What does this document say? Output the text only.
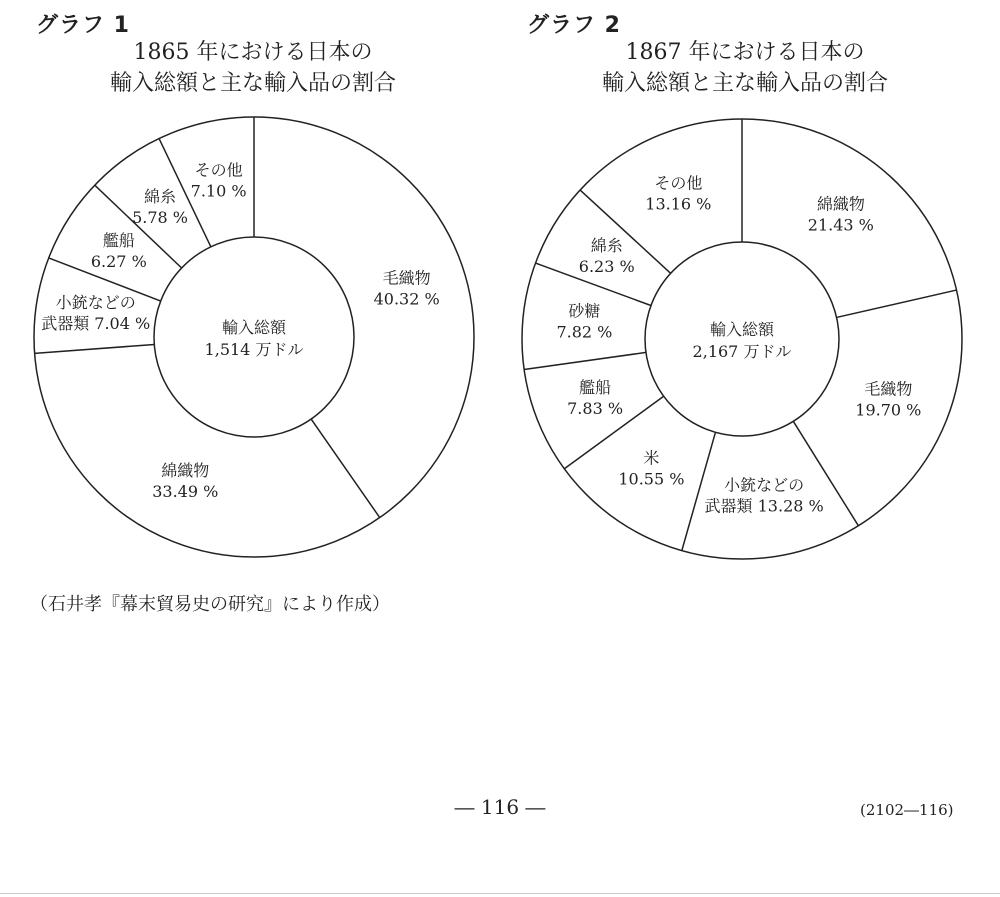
グラフ 1
1865 年における日本の
輸入総額と主な輸入品の割合
グラフ 2
1867 年における日本の
輸入総額と主な輸入品の割合
毛織物 40.32 %
綿織物 33.49 %
小銃などの武器類 7.04 %
艦船 6.27 %
綿糸 5.78 %
その他 7.10 %
輸入総額 1,514 万ドル
綿織物 21.43 %
毛織物 19.70 %
小銃などの武器類 13.28 %
米 10.55 %
艦船 7.83 %
砂糖 7.82 %
綿糸 6.23 %
その他 13.16 %
輸入総額 2,167 万ドル
（石井孝『幕末貿易史の研究』により作成）
― 116 ―	(2102―116)
